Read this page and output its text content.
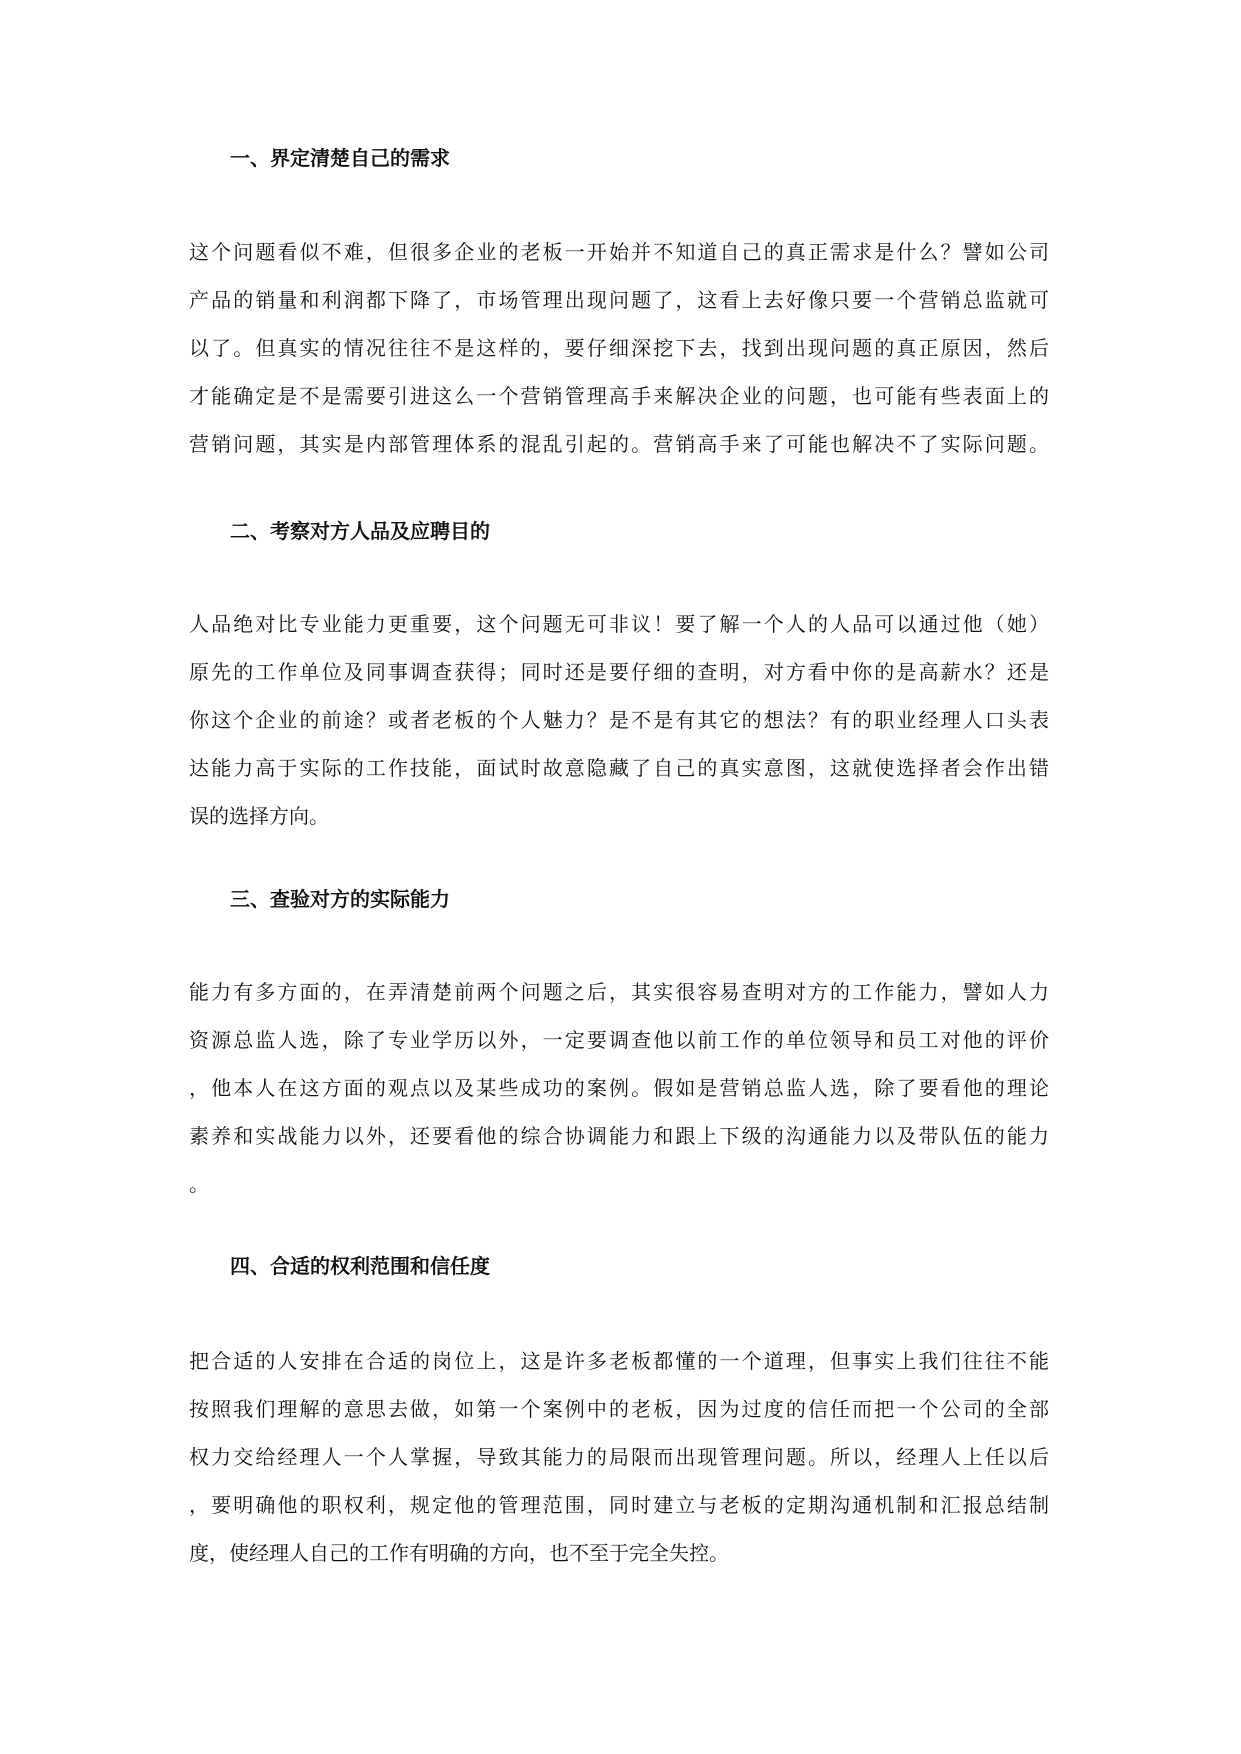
一、界定清楚自己的需求
这个问题看似不难，但很多企业的老板一开始并不知道自己的真正需求是什么？譬如公司
产品的销量和利润都下降了，市场管理出现问题了，这看上去好像只要一个营销总监就可
以了。但真实的情况往往不是这样的，要仔细深挖下去，找到出现问题的真正原因，然后
才能确定是不是需要引进这么一个营销管理高手来解决企业的问题，也可能有些表面上的
营销问题，其实是内部管理体系的混乱引起的。营销高手来了可能也解决不了实际问题。
二、考察对方人品及应聘目的
人品绝对比专业能力更重要，这个问题无可非议！要了解一个人的人品可以通过他（她）
原先的工作单位及同事调查获得；同时还是要仔细的查明，对方看中你的是高薪水？还是
你这个企业的前途？或者老板的个人魅力？是不是有其它的想法？有的职业经理人口头表
达能力高于实际的工作技能，面试时故意隐藏了自己的真实意图，这就使选择者会作出错
误的选择方向。
三、查验对方的实际能力
能力有多方面的，在弄清楚前两个问题之后，其实很容易查明对方的工作能力，譬如人力
资源总监人选，除了专业学历以外，一定要调查他以前工作的单位领导和员工对他的评价
，他本人在这方面的观点以及某些成功的案例。假如是营销总监人选，除了要看他的理论
素养和实战能力以外，还要看他的综合协调能力和跟上下级的沟通能力以及带队伍的能力
。
四、合适的权利范围和信任度
把合适的人安排在合适的岗位上，这是许多老板都懂的一个道理，但事实上我们往往不能
按照我们理解的意思去做，如第一个案例中的老板，因为过度的信任而把一个公司的全部
权力交给经理人一个人掌握，导致其能力的局限而出现管理问题。所以，经理人上任以后
，要明确他的职权利，规定他的管理范围，同时建立与老板的定期沟通机制和汇报总结制
度，使经理人自己的工作有明确的方向，也不至于完全失控。
